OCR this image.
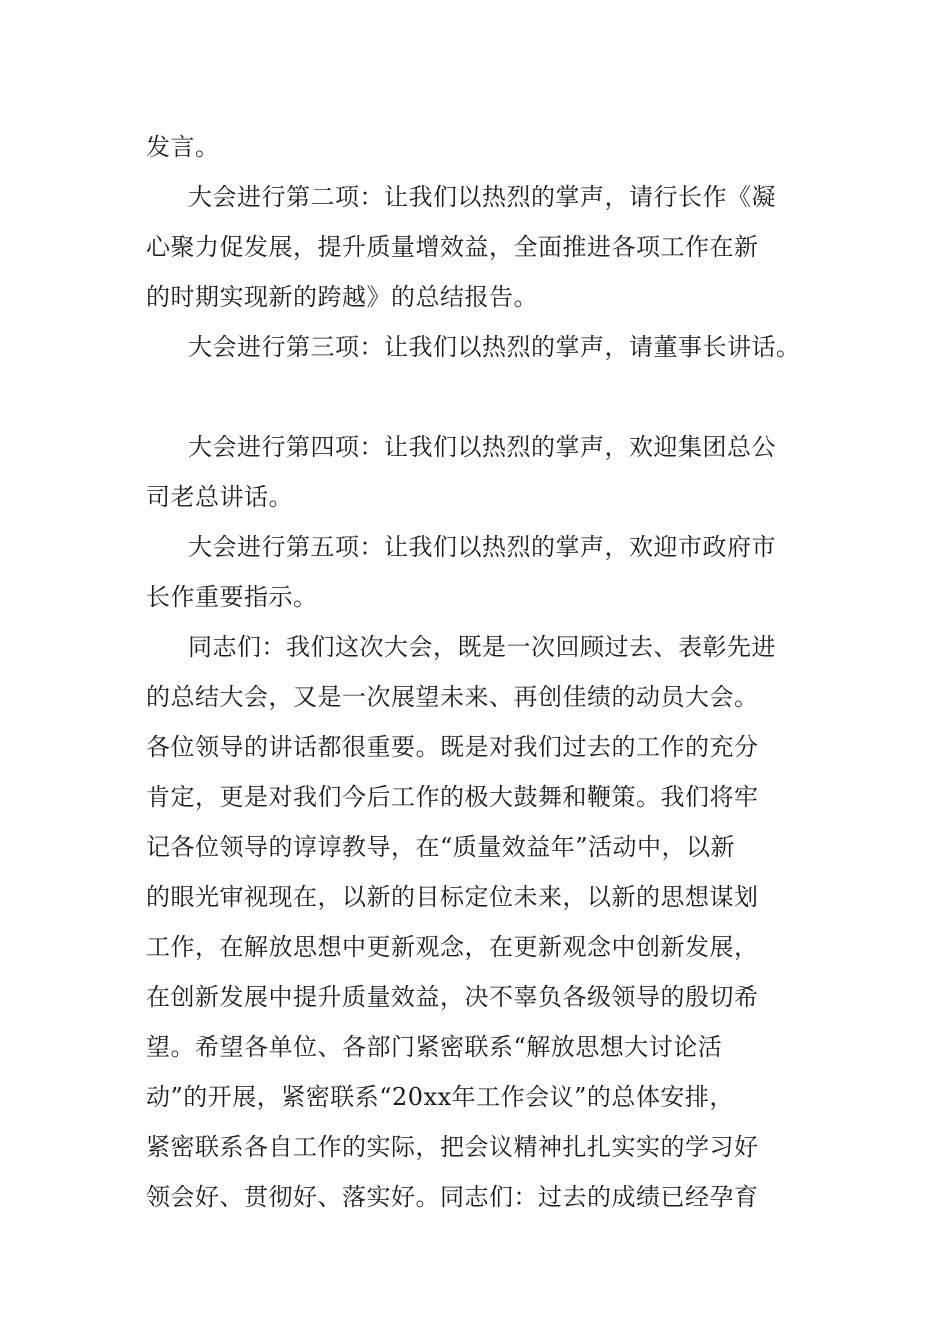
发言。
大会进行第二项：让我们以热烈的掌声，请行长作《凝
心聚力促发展，提升质量增效益，全面推进各项工作在新
的时期实现新的跨越》的总结报告。
大会进行第三项：让我们以热烈的掌声，请董事长讲话。
大会进行第四项：让我们以热烈的掌声，欢迎集团总公
司老总讲话。
大会进行第五项：让我们以热烈的掌声，欢迎市政府市
长作重要指示。
同志们：我们这次大会，既是一次回顾过去、表彰先进
的总结大会，又是一次展望未来、再创佳绩的动员大会。
各位领导的讲话都很重要。既是对我们过去的工作的充分
肯定，更是对我们今后工作的极大鼓舞和鞭策。我们将牢
记各位领导的谆谆教导，在“质量效益年”活动中，以新
的眼光审视现在，以新的目标定位未来，以新的思想谋划
工作，在解放思想中更新观念，在更新观念中创新发展，
在创新发展中提升质量效益，决不辜负各级领导的殷切希
望。希望各单位、各部门紧密联系“解放思想大讨论活
动”的开展，紧密联系“20xx年工作会议”的总体安排，
紧密联系各自工作的实际，把会议精神扎扎实实的学习好
领会好、贯彻好、落实好。同志们：过去的成绩已经孕育
